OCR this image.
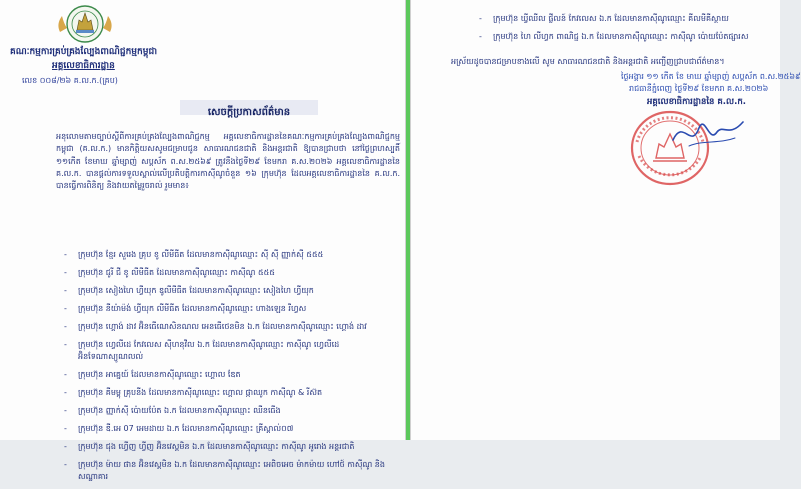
គណៈកម្មការគ្រប់គ្រងល្បែងពាណិជ្ជកម្មកម្ពុជា
អគ្គលេខាធិការដ្ឋាន
លេខ ០០៨/២៦ គ.ល.ក.(គ្រប)
សេចក្តីប្រកាសព័ត៌មាន

អនុលោមតាមច្បាប់ស្តីពីការគ្រប់គ្រងល្បែងពាណិជ្ជកម្ម អគ្គលេខាធិការដ្ឋាននៃគណៈកម្មការគ្រប់គ្រងល្បែងពាណិជ្ជកម្មកម្ពុជា (គ.ល.ក.) មានកិត្តិយសសូមជម្រាបជូន សាធារណជនជាតិ និងអន្តរជាតិ ឱ្យបានជ្រាបថា នៅថ្ងៃព្រហស្បតិ៍ ១១កើត ខែមាឃ ឆ្នាំម្សាញ់ សប្តស័ក ព.ស.២៥៦៩ ត្រូវនឹងថ្ងៃទី២៩ ខែមករា គ.ស.២០២៦ អគ្គលេខាធិការដ្ឋាននៃ គ.ល.ក. បានផ្តល់ការទទួលស្គាល់លើប្រតិបត្តិការកាស៊ីណូចំនួន ១៦ ក្រុមហ៊ុន ដែលអគ្គលេខាធិការដ្ឋាននៃ គ.ល.ក. បានធ្វើការពិនិត្យ និងវាយតម្លៃរួចរាល់ រួមមាន៖

- ក្រុមហ៊ុន ខ្មែរ សួរេង គ្រុប ខូ លីមីធីត ដែលមានកាស៊ីណូឈ្មោះ ស៊ី ស៊ី ញ្ញាក់ស៊ី ៥៥៥
- ក្រុមហ៊ុន ជូរី ជី ខូ លីមីធីត ដែលមានកាស៊ីណូឈ្មោះ កាស៊ីណូ ៥៥៥
- ក្រុមហ៊ុន សៀងហៃ ហ្វីយុក ឌូលីមីធីត ដែលមានកាស៊ីណូឈ្មោះ សៀងហៃ ហ្វីយុក
- ក្រុមហ៊ុន នីយ៉ាម៉ង់ ហ្វីយុក លីមីធីត ដែលមានកាស៊ីណូឈ្មោះ ហាងឡេន រីហ្វស
- ក្រុមហ៊ុន ហ្គោង់ ដាវ អ៊ិនធើណេសិនណល អេនធើថេនមិន ឯ.ក ដែលមានកាស៊ីណូឈ្មោះ ហ្គោង់ ដាវ
- ក្រុមហ៊ុន ហ្វេលីដេ កែវលេស ស៊ីហនុវីល ឯ.ក ដែលមានកាស៊ីណូឈ្មោះ កាស៊ីណូ ហ្វេលីដេ អ៊ិនទែណាស្យូណលល់
- ក្រុមហ៊ុន អាគ្នេយ៍ ដែលមានកាស៊ីណូឈ្មោះ ហ្គោល ឌែត
- ក្រុមហ៊ុន គីមម្ពុ គ្រុបនីង ដែលមានកាស៊ីណូឈ្មោះ ហ្គោល ផ្កាឈូក កាស៊ីណូ & រីស៊ត
- ក្រុមហ៊ុន ញ្ញាក់ស៊ី ប៉ោយប៉ែត ឯ.ក ដែលមានកាស៊ីណូឈ្មោះ ឈីនធើង
- ក្រុមហ៊ុន ឌី.អេ 07 អេមដាយ ឯ.ក ដែលមានកាស៊ីណូឈ្មោះ គ្រីស្តាល់០៧
- ក្រុមហ៊ុន ជុង ហ្វើញ ហ្វីញ អ៊ិនវេស្តមិន ឯ.ក ដែលមានកាស៊ីណូឈ្មោះ កាស៊ីណូ អូរោង អន្តរជាតិ
- ក្រុមហ៊ុន ម៉ាយ ផាន អ៊ិនវេស្តមិន ឯ.ក ដែលមានកាស៊ីណូឈ្មោះ អេពិចអេច ម៉ាកម៉ាយ ហៅថ៍ កាស៊ីណូ និងសណ្ឋាគារ
- ក្រុមហ៊ុន ឃ្វីឈីល ផ្លីលន៍ កែវលេស ឯ.ក ដែលមានកាស៊ីណូឈ្មោះ គីលមីគីស្ថាយ
- ក្រុមហ៊ុន ហៃ លីហ្វក ពាណិជ្ជ ឯ.ក ដែលមានកាស៊ីណូឈ្មោះ កាស៊ីណូ ប៉ោយប៉ែតផ្សារស

អស្រ័យដូចបានជម្រាបខាងលើ សូម សាធារណជនជាតិ និងអន្តរជាតិ អញ្ជើញជ្រាបជាព័ត៌មាន។

ថ្ងៃអង្គារ ១១ កើត ខែ មាឃ ឆ្នាំម្សាញ់ សប្តស័ក ព.ស.២៥៦៩
រាជធានីភ្នំពេញ ថ្ងៃទី២៩ ខែមករា គ.ស.២០២៦
អគ្គលេខាធិការដ្ឋាននៃ គ.ល.ក.
